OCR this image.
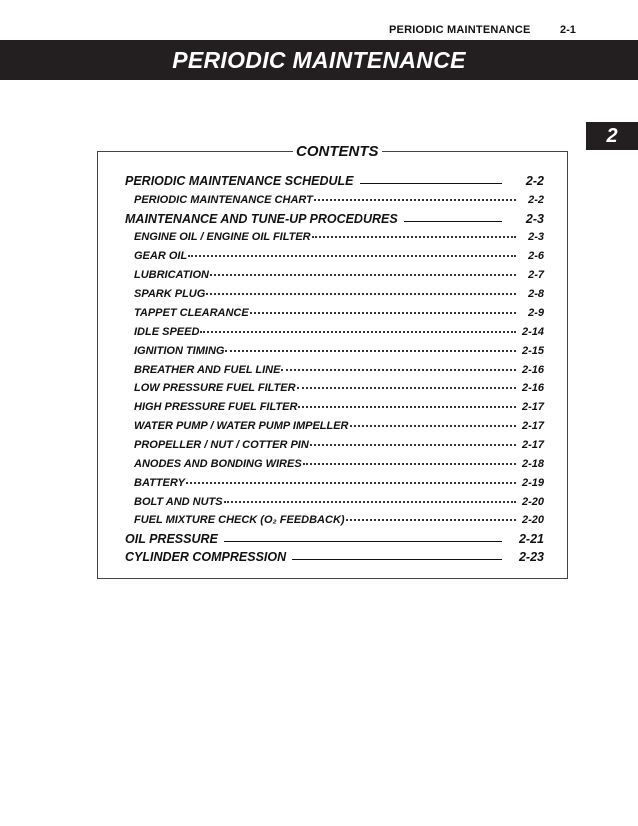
PERIODIC MAINTENANCE	2-1
PERIODIC MAINTENANCE
2
CONTENTS
PERIODIC MAINTENANCE SCHEDULE	2-2
PERIODIC MAINTENANCE CHART	2-2
MAINTENANCE AND TUNE-UP PROCEDURES	2-3
ENGINE OIL / ENGINE OIL FILTER	2-3
GEAR OIL	2-6
LUBRICATION	2-7
SPARK PLUG	2-8
TAPPET CLEARANCE	2-9
IDLE SPEED	2-14
IGNITION TIMING	2-15
BREATHER AND FUEL LINE	2-16
LOW PRESSURE FUEL FILTER	2-16
HIGH PRESSURE FUEL FILTER	2-17
WATER PUMP / WATER PUMP IMPELLER	2-17
PROPELLER / NUT / COTTER PIN	2-17
ANODES AND BONDING WIRES	2-18
BATTERY	2-19
BOLT AND NUTS	2-20
FUEL MIXTURE CHECK (O₂ FEEDBACK)	2-20
OIL PRESSURE	2-21
CYLINDER COMPRESSION	2-23
